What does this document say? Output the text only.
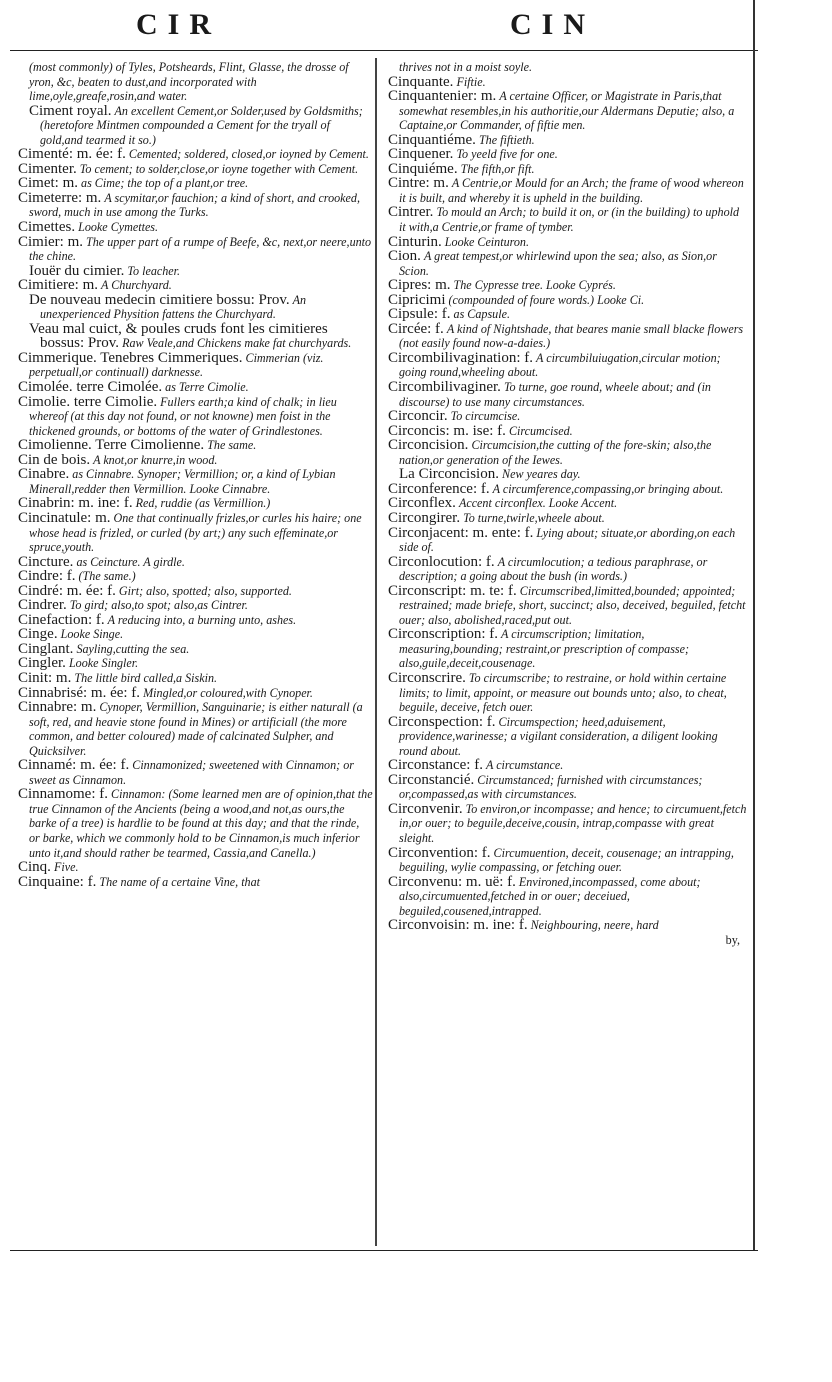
CIR	CIN

(most commonly) of Tyles, Potsheards, Flint, Glasse, the drosse of yron, &c, beaten to dust,and incorporated with lime,oyle,greafe,rosin,and water.

Ciment royal. An excellent Cement,or Solder,used by Goldsmiths; (heretofore Mintmen compounded a Cement for the tryall of gold,and tearmed it so.)

Cimenté: m. ée: f. Cemented; soldered, closed,or ioyned by Cement.

Cimenter. To cement; to solder,close,or ioyne together with Cement.

Cimet: m. as Cime; the top of a plant,or tree.

Cimeterre: m. A scymitar,or fauchion; a kind of short, and crooked, sword, much in use among the Turks.

Cimettes. Looke Cymettes.

Cimier: m. The upper part of a rumpe of Beefe, &c, next,or neere,unto the chine.

Iouër du cimier. To leacher.

Cimitiere: m. A Churchyard.

De nouveau medecin cimitiere bossu: Prov. An unexperienced Physition fattens the Churchyard.

Veau mal cuict, & poules cruds font les cimitieres bossus: Prov. Raw Veale,and Chickens make fat churchyards.

Cimmerique. Tenebres Cimmeriques. Cimmerian (viz. perpetuall,or continuall) darknesse.

Cimolée. terre Cimolée. as Terre Cimolie.

Cimolie. terre Cimolie. Fullers earth;a kind of chalk; in lieu whereof (at this day not found, or not knowne) men foist in the thickened grounds, or bottoms of the water of Grindlestones.

Cimolienne. Terre Cimolienne. The same.

Cin de bois. A knot,or knurre,in wood.

Cinabre. as Cinnabre. Synoper; Vermillion; or, a kind of Lybian Minerall,redder then Vermillion. Looke Cinnabre.

Cinabrin: m. ine: f. Red, ruddie (as Vermillion.)

Cincinatule: m. One that continually frizles,or curles his haire; one whose head is frizled, or curled (by art;) any such effeminate,or spruce,youth.

Cincture. as Ceincture. A girdle.

Cindre: f. (The same.)

Cindré: m. ée: f. Girt; also, spotted; also, supported.

Cindrer. To gird; also,to spot; also,as Cintrer.

Cinefaction: f. A reducing into, a burning unto, ashes.

Cinge. Looke Singe.

Cinglant. Sayling,cutting the sea.

Cingler. Looke Singler.

Cinit: m. The little bird called,a Siskin.

Cinnabrisé: m. ée: f. Mingled,or coloured,with Cynoper.

Cinnabre: m. Cynoper, Vermillion, Sanguinarie; is either naturall (a soft, red, and heavie stone found in Mines) or artificiall (the more common, and better coloured) made of calcinated Sulpher, and Quicksilver.

Cinnamé: m. ée: f. Cinnamonized; sweetened with Cinnamon; or sweet as Cinnamon.

Cinnamome: f. Cinnamon: (Some learned men are of opinion,that the true Cinnamon of the Ancients (being a wood,and not,as ours,the barke of a tree) is hardlie to be found at this day; and that the rinde, or barke, which we commonly hold to be Cinnamon,is much inferior unto it,and should rather be tearmed, Cassia,and Canella.)

Cinq. Five.

Cinquaine: f. The name of a certaine Vine, that

thrives not in a moist soyle.

Cinquante. Fiftie.

Cinquantenier: m. A certaine Officer, or Magistrate in Paris,that somewhat resembles,in his authoritie,our Aldermans Deputie; also, a Captaine,or Commander, of fiftie men.

Cinquantiéme. The fiftieth.

Cinquener. To yeeld five for one.

Cinquiéme. The fifth,or fift.

Cintre: m. A Centrie,or Mould for an Arch; the frame of wood whereon it is built, and whereby it is upheld in the building.

Cintrer. To mould an Arch; to build it on, or (in the building) to uphold it with,a Centrie,or frame of tymber.

Cinturin. Looke Ceinturon.

Cion. A great tempest,or whirlewind upon the sea; also, as Sion,or Scion.

Cipres: m. The Cypresse tree. Looke Cyprés.

Cipricimi (compounded of foure words.) Looke Ci.

Cipsule: f. as Capsule.

Circée: f. A kind of Nightshade, that beares manie small blacke flowers (not easily found now-a-daies.)

Circombilivagination: f. A circumbiluiugation,circular motion; going round,wheeling about.

Circombilivaginer. To turne, goe round, wheele about; and (in discourse) to use many circumstances.

Circoncir. To circumcise.

Circoncis: m. ise: f. Circumcised.

Circoncision. Circumcision,the cutting of the fore-skin; also,the nation,or generation of the Iewes.

La Circoncision. New yeares day.

Circonference: f. A circumference,compassing,or bringing about.

Circonflex. Accent circonflex. Looke Accent.

Circongirer. To turne,twirle,wheele about.

Circonjacent: m. ente: f. Lying about; situate,or abording,on each side of.

Circonlocution: f. A circumlocution; a tedious paraphrase, or description; a going about the bush (in words.)

Circonscript: m. te: f. Circumscribed,limitted,bounded; appointed; restrained; made briefe, short, succinct; also, deceived, beguiled, fetcht ouer; also, abolished,raced,put out.

Circonscription: f. A circumscription; limitation, measuring,bounding; restraint,or prescription of compasse; also,guile,deceit,cousenage.

Circonscrire. To circumscribe; to restraine, or hold within certaine limits; to limit, appoint, or measure out bounds unto; also, to cheat, beguile, deceive, fetch ouer.

Circonspection: f. Circumspection; heed,aduisement, providence,warinesse; a vigilant consideration, a diligent looking round about.

Circonstance: f. A circumstance.

Circonstancié. Circumstanced; furnished with circumstances; or,compassed,as with circumstances.

Circonvenir. To environ,or incompasse; and hence; to circumuent,fetch in,or ouer; to beguile,deceive,cousin, intrap,compasse with great sleight.

Circonvention: f. Circumuention, deceit, cousenage; an intrapping, beguiling, wylie compassing, or fetching ouer.

Circonvenu: m. uë: f. Environed,incompassed, come about; also,circumuented,fetched in or ouer; deceiued, beguiled,cousened,intrapped.

Circonvoisin: m. ine: f. Neighbouring, neere, hard

by,
